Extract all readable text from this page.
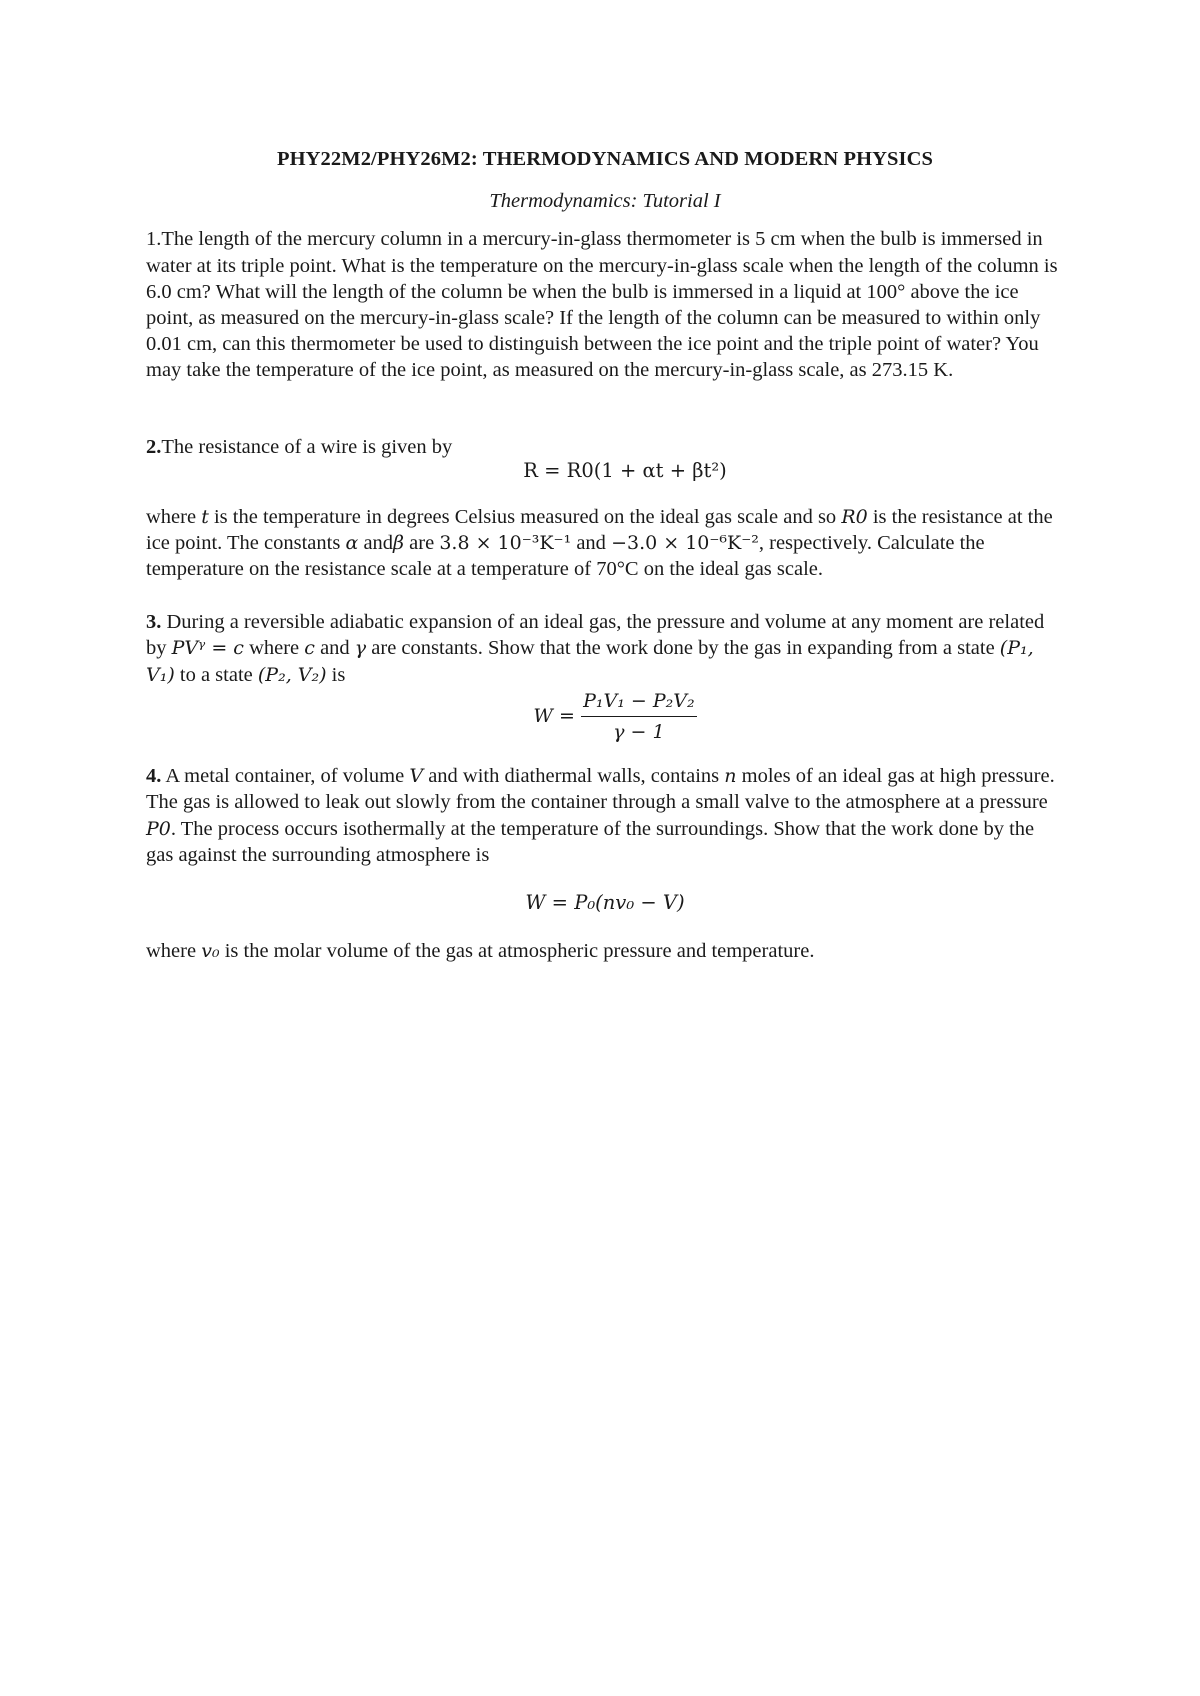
PHY22M2/PHY26M2: THERMODYNAMICS AND MODERN PHYSICS

Thermodynamics: Tutorial I

1.The length of the mercury column in a mercury-in-glass thermometer is 5 cm when the bulb is immersed in water at its triple point. What is the temperature on the mercury-in-glass scale when the length of the column is 6.0 cm? What will the length of the column be when the bulb is immersed in a liquid at 100° above the ice point, as measured on the mercury-in-glass scale? If the length of the column can be measured to within only 0.01 cm, can this thermometer be used to distinguish between the ice point and the triple point of water? You may take the temperature of the ice point, as measured on the mercury-in-glass scale, as 273.15 K.

2.The resistance of a wire is given by

R = R0(1 + αt + βt²)

where t is the temperature in degrees Celsius measured on the ideal gas scale and so R0 is the resistance at the ice point. The constants α andβ are 3.8 × 10⁻³K⁻¹ and −3.0 × 10⁻⁶K⁻², respectively. Calculate the temperature on the resistance scale at a temperature of 70°C on the ideal gas scale.

3. During a reversible adiabatic expansion of an ideal gas, the pressure and volume at any moment are related by PVᵞ = c where c and γ are constants. Show that the work done by the gas in expanding from a state (P₁, V₁) to a state (P₂, V₂) is

$W = \frac{\text{P₁V₁ − P₂V₂}}{\gamma - 1}$

4. A metal container, of volume V and with diathermal walls, contains n moles of an ideal gas at high pressure. The gas is allowed to leak out slowly from the container through a small valve to the atmosphere at a pressure P0. The process occurs isothermally at the temperature of the surroundings. Show that the work done by the gas against the surrounding atmosphere is

W = P₀(nv₀ − V)

where v₀ is the molar volume of the gas at atmospheric pressure and temperature.
